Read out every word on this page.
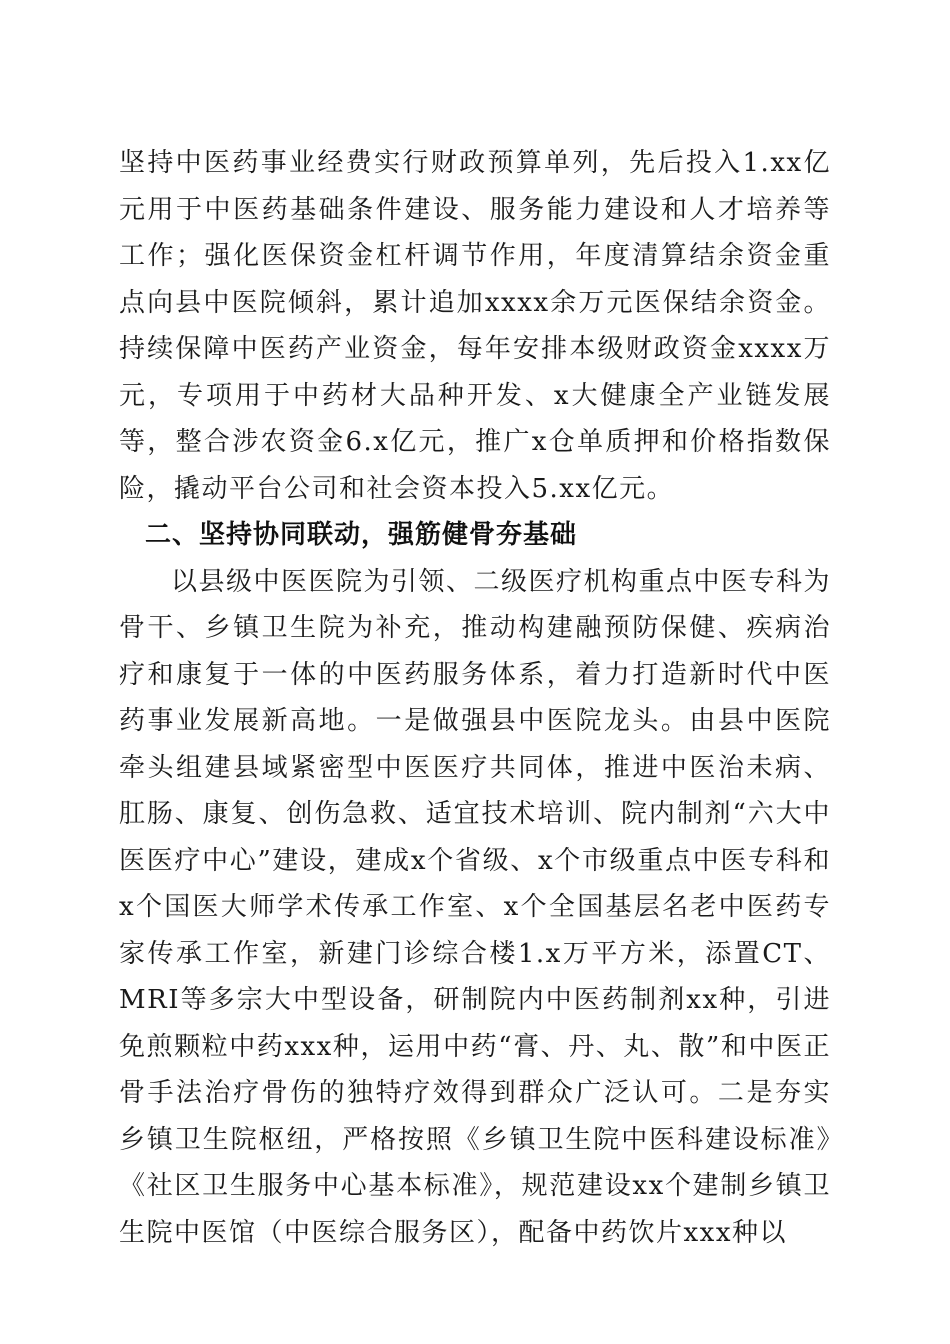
坚持中医药事业经费实行财政预算单列，先后投入1.xx亿元用于中医药基础条件建设、服务能力建设和人才培养等工作；强化医保资金杠杆调节作用，年度清算结余资金重点向县中医院倾斜，累计追加xxxx余万元医保结余资金。持续保障中医药产业资金，每年安排本级财政资金xxxx万元，专项用于中药材大品种开发、x大健康全产业链发展等，整合涉农资金6.x亿元，推广x仓单质押和价格指数保险，撬动平台公司和社会资本投入5.xx亿元。

二、坚持协同联动，强筋健骨夯基础

以县级中医医院为引领、二级医疗机构重点中医专科为骨干、乡镇卫生院为补充，推动构建融预防保健、疾病治疗和康复于一体的中医药服务体系，着力打造新时代中医药事业发展新高地。一是做强县中医院龙头。由县中医院牵头组建县域紧密型中医医疗共同体，推进中医治未病、肛肠、康复、创伤急救、适宜技术培训、院内制剂“六大中医医疗中心”建设，建成x个省级、x个市级重点中医专科和x个国医大师学术传承工作室、x个全国基层名老中医药专家传承工作室，新建门诊综合楼1.x万平方米，添置CT、MRI等多宗大中型设备，研制院内中医药制剂xx种，引进免煎颗粒中药xxx种，运用中药“膏、丹、丸、散”和中医正骨手法治疗骨伤的独特疗效得到群众广泛认可。二是夯实乡镇卫生院枢纽，严格按照《乡镇卫生院中医科建设标准》《社区卫生服务中心基本标准》，规范建设xx个建制乡镇卫生院中医馆（中医综合服务区），配备中药饮片xxx种以
